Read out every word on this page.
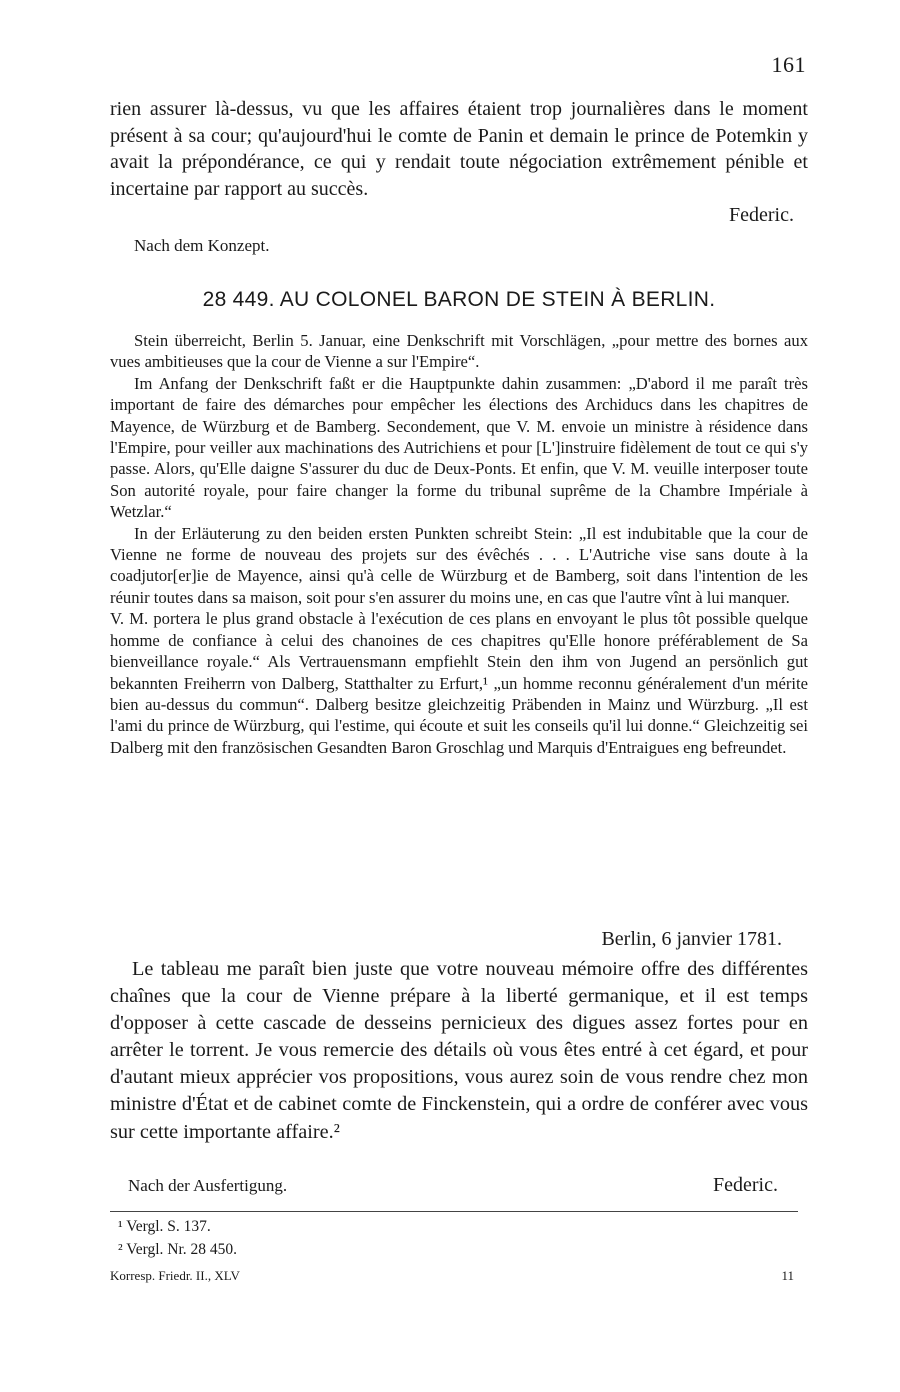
161

rien assurer là-dessus, vu que les affaires étaient trop journalières dans le moment présent à sa cour; qu'aujourd'hui le comte de Panin et demain le prince de Potemkin y avait la prépondérance, ce qui y rendait toute négociation extrêmement pénible et incertaine par rapport au succès.

Federic.
Nach dem Konzept.
28 449. AU COLONEL BARON DE STEIN À BERLIN.

Stein überreicht, Berlin 5. Januar, eine Denkschrift mit Vorschlägen, „pour mettre des bornes aux vues ambitieuses que la cour de Vienne a sur l'Empire“.

Im Anfang der Denkschrift faßt er die Hauptpunkte dahin zusammen: „D'abord il me paraît très important de faire des démarches pour empêcher les élections des Archiducs dans les chapitres de Mayence, de Würzburg et de Bamberg. Secondement, que V. M. envoie un ministre à résidence dans l'Empire, pour veiller aux machinations des Autrichiens et pour [L']instruire fidèlement de tout ce qui s'y passe. Alors, qu'Elle daigne S'assurer du duc de Deux-Ponts. Et enfin, que V. M. veuille interposer toute Son autorité royale, pour faire changer la forme du tribunal suprême de la Chambre Impériale à Wetzlar.“

In der Erläuterung zu den beiden ersten Punkten schreibt Stein: „Il est indubitable que la cour de Vienne ne forme de nouveau des projets sur des évêchés . . . L'Autriche vise sans doute à la coadjutor[er]ie de Mayence, ainsi qu'à celle de Würzburg et de Bamberg, soit dans l'intention de les réunir toutes dans sa maison, soit pour s'en assurer du moins une, en cas que l'autre vînt à lui manquer.

V. M. portera le plus grand obstacle à l'exécution de ces plans en envoyant le plus tôt possible quelque homme de confiance à celui des chanoines de ces chapitres qu'Elle honore préférablement de Sa bienveillance royale.“ Als Vertrauensmann empfiehlt Stein den ihm von Jugend an persönlich gut bekannten Freiherrn von Dalberg, Statthalter zu Erfurt,¹ „un homme reconnu généralement d'un mérite bien au-dessus du commun“. Dalberg besitze gleichzeitig Präbenden in Mainz und Würzburg. „Il est l'ami du prince de Würzburg, qui l'estime, qui écoute et suit les conseils qu'il lui donne.“ Gleichzeitig sei Dalberg mit den französischen Gesandten Baron Groschlag und Marquis d'Entraigues eng befreundet.

Berlin, 6 janvier 1781.

Le tableau me paraît bien juste que votre nouveau mémoire offre des différentes chaînes que la cour de Vienne prépare à la liberté germanique, et il est temps d'opposer à cette cascade de desseins pernicieux des digues assez fortes pour en arrêter le torrent. Je vous remercie des détails où vous êtes entré à cet égard, et pour d'autant mieux apprécier vos propositions, vous aurez soin de vous rendre chez mon ministre d'État et de cabinet comte de Finckenstein, qui a ordre de conférer avec vous sur cette importante affaire.²

Nach der Ausfertigung.	Federic.
¹ Vergl. S. 137.
² Vergl. Nr. 28 450.
Korresp. Friedr. II., XLV	11
